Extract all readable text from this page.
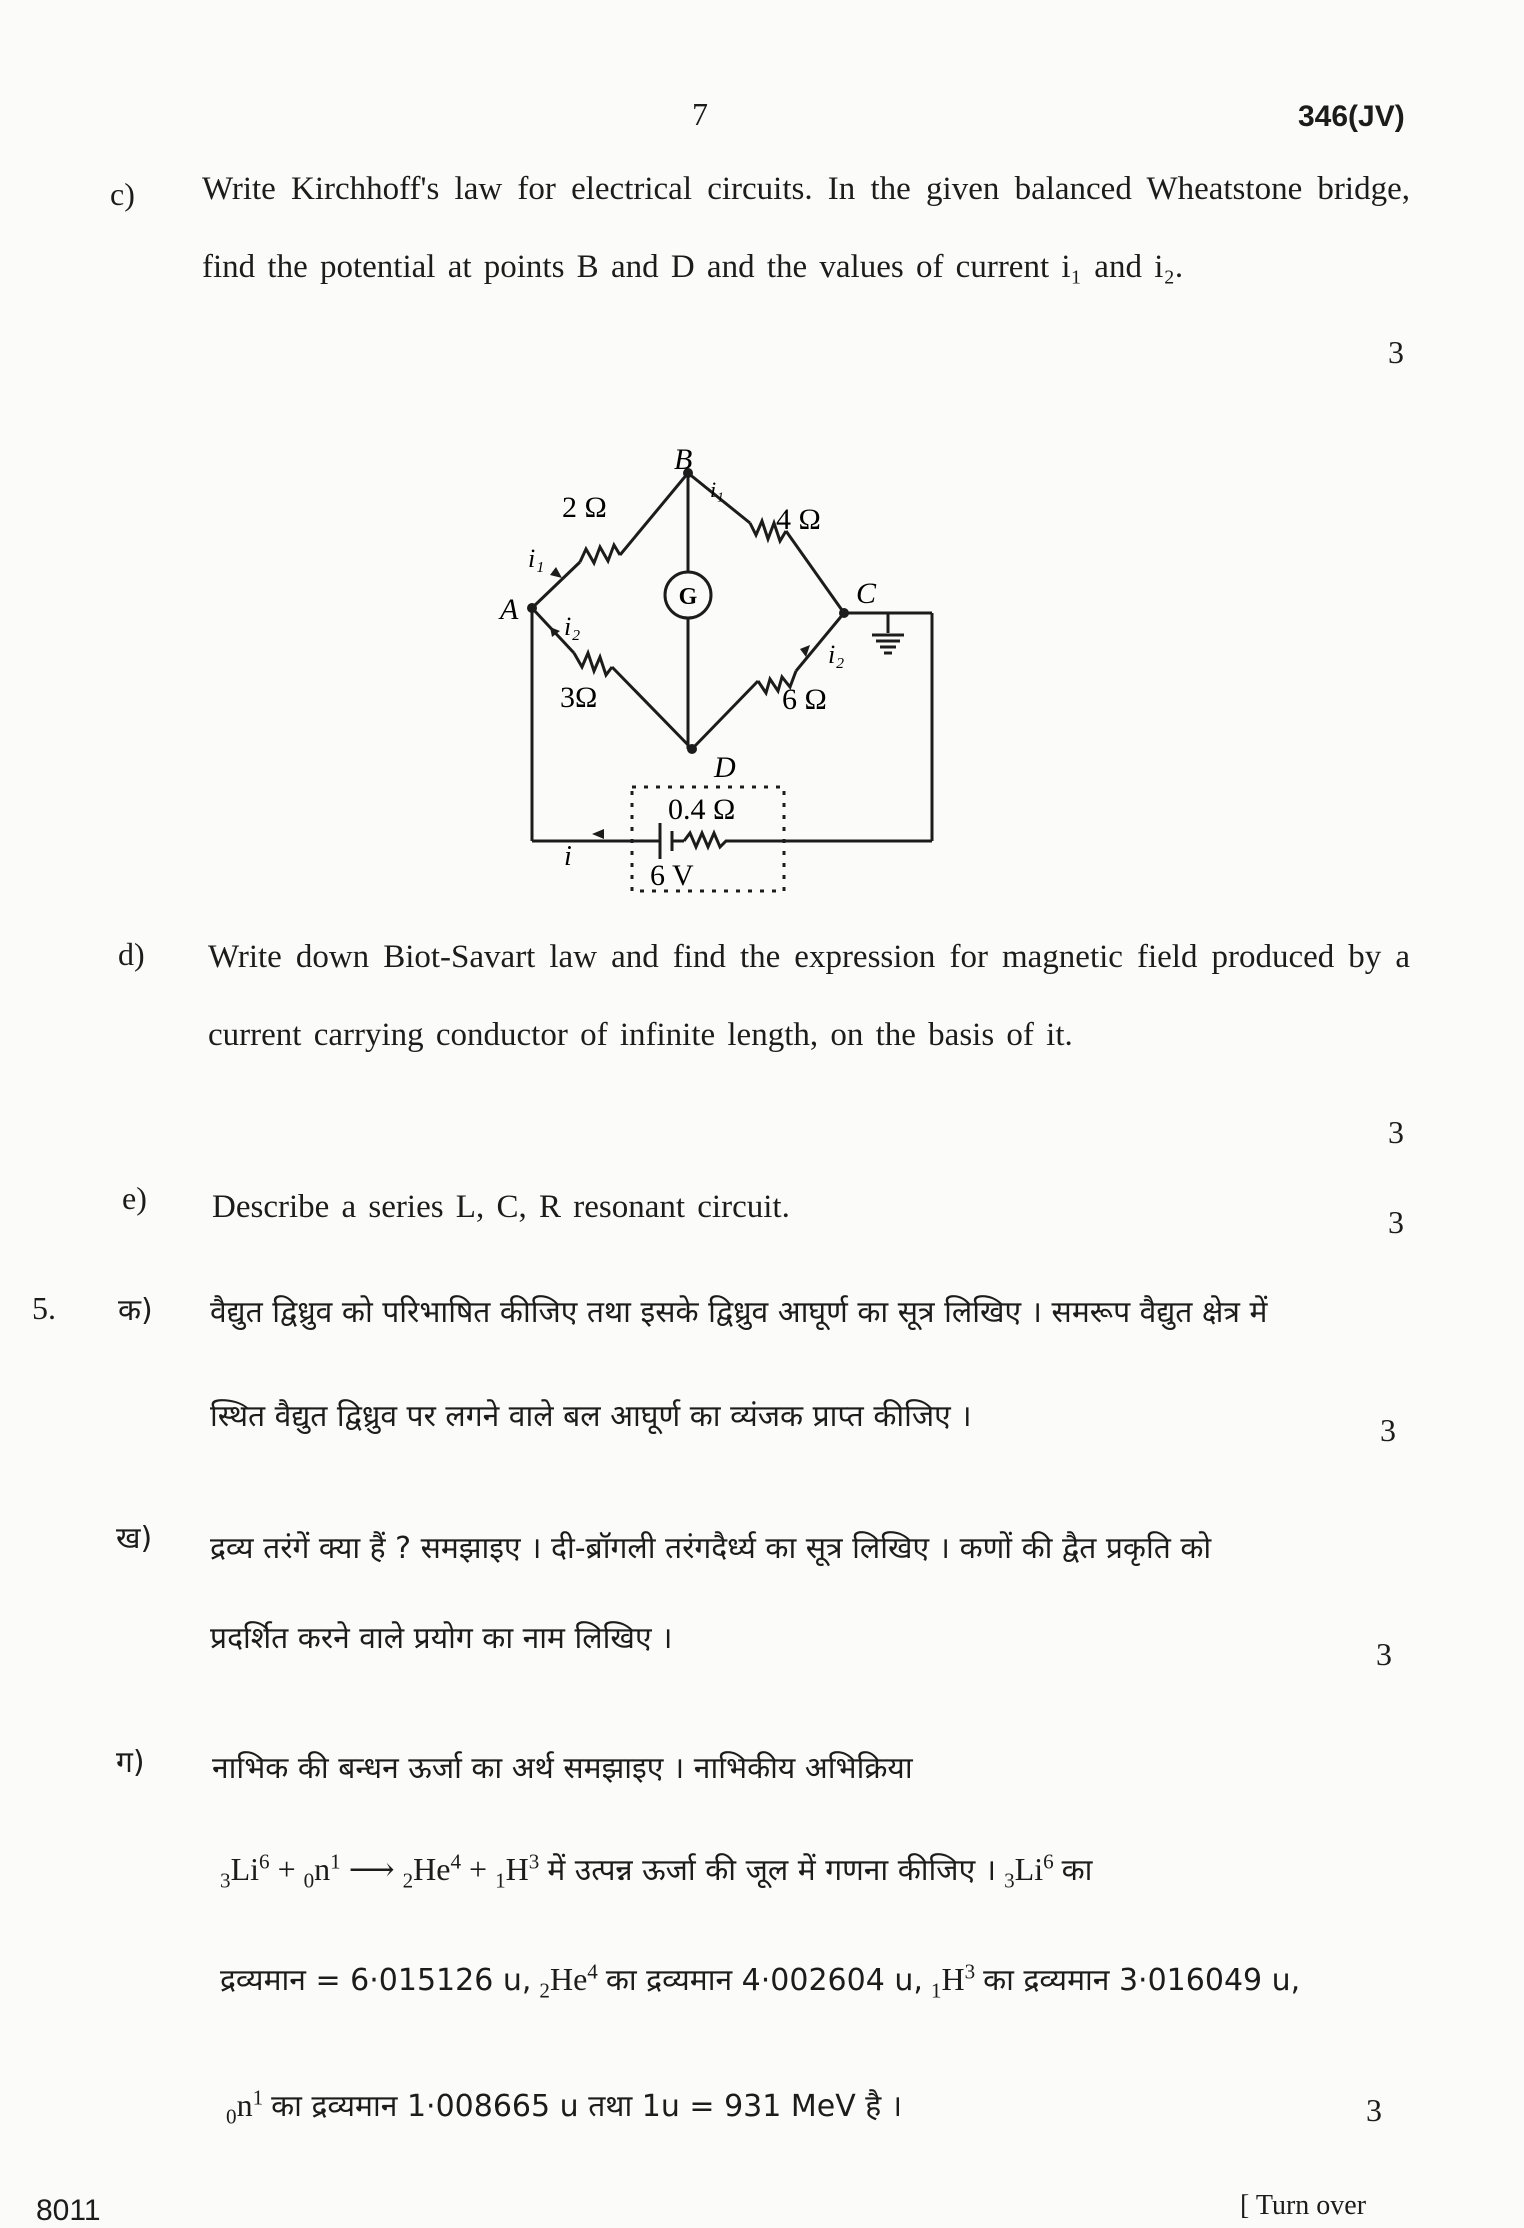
7	346(JV)
c) Write Kirchhoff's law for electrical circuits. In the given balanced Wheatstone bridge, find the potential at points B and D and the values of current i₁ and i₂.
3
G
B
A	C
D
2 Ω	4 Ω
3Ω	6 Ω
0.4 Ω
6 V
i
i₁
i₁
i₂
i₂
d) Write down Biot-Savart law and find the expression for magnetic field produced by a current carrying conductor of infinite length, on the basis of it.
3
e) Describe a series L, C, R resonant circuit.	3
5. क) वैद्युत द्विध्रुव को परिभाषित कीजिए तथा इसके द्विध्रुव आघूर्ण का सूत्र लिखिए । समरूप वैद्युत क्षेत्र में
स्थित वैद्युत द्विध्रुव पर लगने वाले बल आघूर्ण का व्यंजक प्राप्त कीजिए ।	3
ख) द्रव्य तरंगें क्या हैं ? समझाइए । दी-ब्रॉगली तरंगदैर्ध्य का सूत्र लिखिए । कणों की द्वैत प्रकृति को
प्रदर्शित करने वाले प्रयोग का नाम लिखिए ।	3
ग) नाभिक की बन्धन ऊर्जा का अर्थ समझाइए । नाभिकीय अभिक्रिया
$_3Li^6 + _0n^1$ ⟶ $_2He^4 + _1H^3$ में उत्पन्न ऊर्जा की जूल में गणना कीजिए । $_3Li^6$ का
द्रव्यमान = 6·015126 u, $_2He^4$ का द्रव्यमान 4·002604 u, $_1H^3$ का द्रव्यमान 3·016049 u,
$_0n^1$ का द्रव्यमान 1·008665 u तथा 1u = 931 MeV है ।	3
8011	[ Turn over
